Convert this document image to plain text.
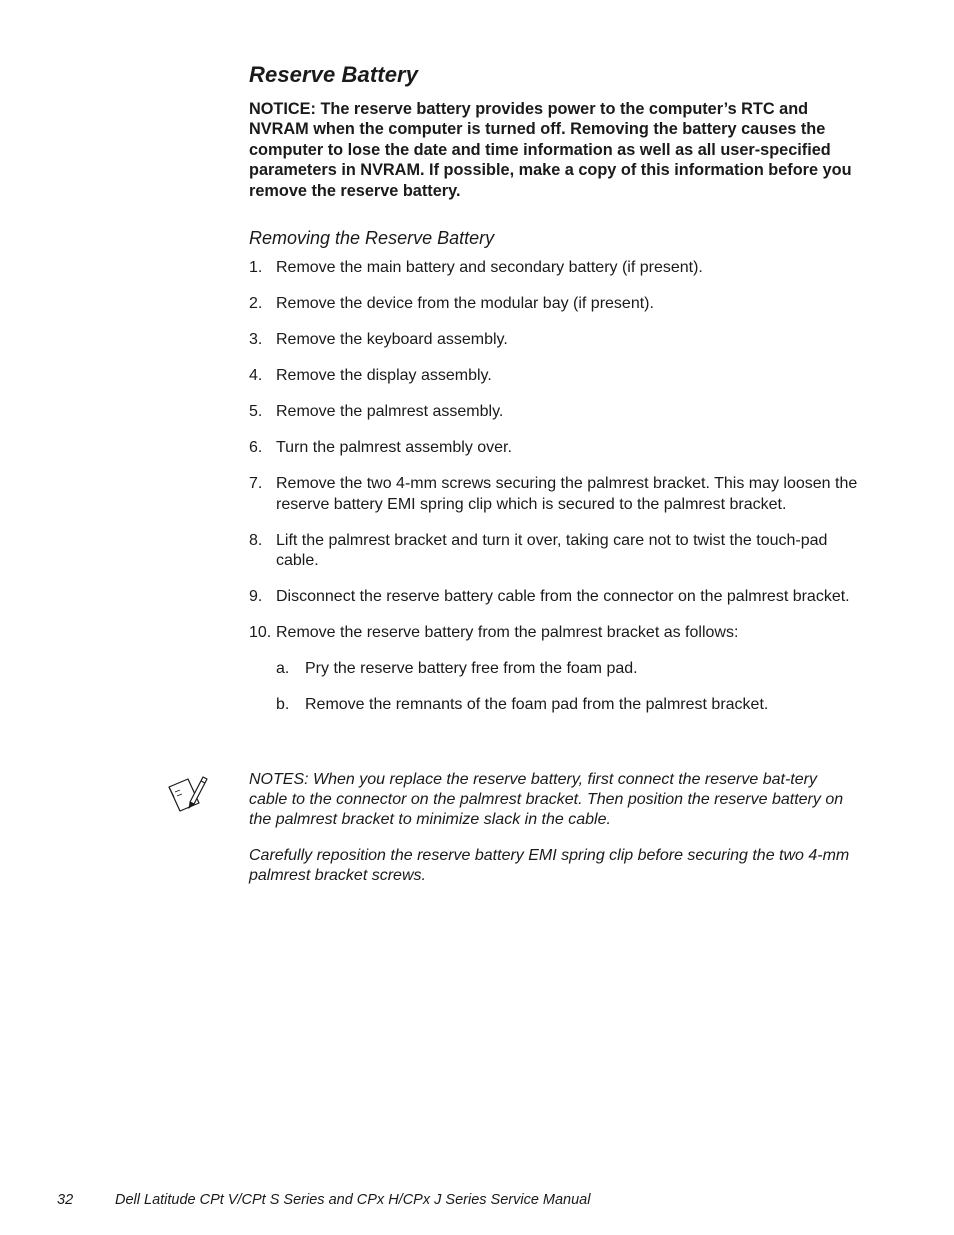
Reserve Battery

NOTICE: The reserve battery provides power to the computer’s RTC and NVRAM when the computer is turned off. Removing the battery causes the computer to lose the date and time information as well as all user-specified parameters in NVRAM. If possible, make a copy of this information before you remove the reserve battery.

Removing the Reserve Battery
1. Remove the main battery and secondary battery (if present).
2. Remove the device from the modular bay (if present).
3. Remove the keyboard assembly.
4. Remove the display assembly.
5. Remove the palmrest assembly.
6. Turn the palmrest assembly over.
7. Remove the two 4-mm screws securing the palmrest bracket. This may loosen the reserve battery EMI spring clip which is secured to the palmrest bracket.
8. Lift the palmrest bracket and turn it over, taking care not to twist the touch-pad cable.
9. Disconnect the reserve battery cable from the connector on the palmrest bracket.
10. Remove the reserve battery from the palmrest bracket as follows:
a. Pry the reserve battery free from the foam pad.
b. Remove the remnants of the foam pad from the palmrest bracket.

NOTES: When you replace the reserve battery, first connect the reserve bat-tery cable to the connector on the palmrest bracket. Then position the reserve battery on the palmrest bracket to minimize slack in the cable.

Carefully reposition the reserve battery EMI spring clip before securing the two 4-mm palmrest bracket screws.

32	Dell Latitude CPt V/CPt S Series and CPx H/CPx J Series Service Manual
